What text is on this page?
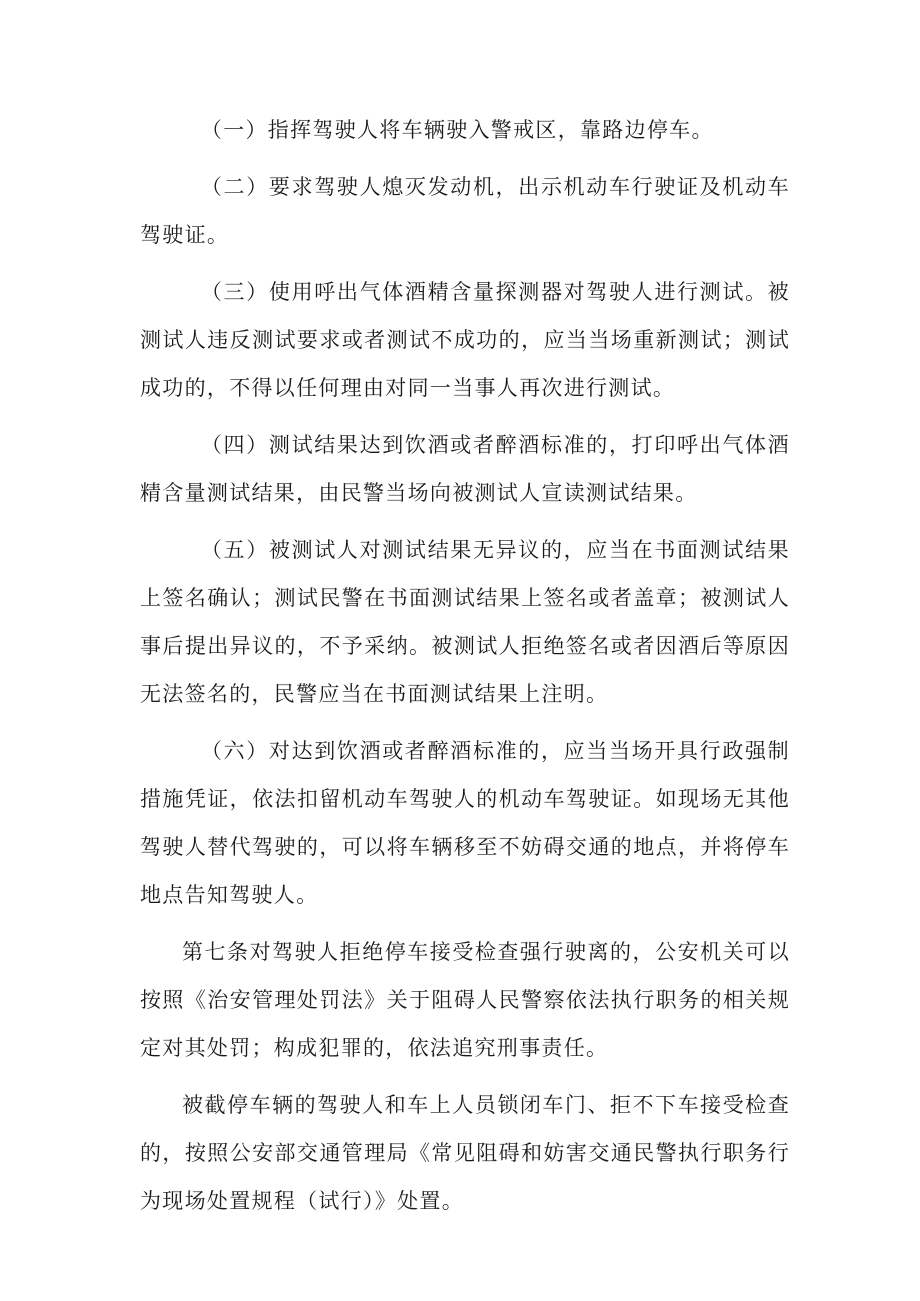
（一）指挥驾驶人将车辆驶入警戒区，靠路边停车。

（二）要求驾驶人熄灭发动机，出示机动车行驶证及机动车驾驶证。

（三）使用呼出气体酒精含量探测器对驾驶人进行测试。被测试人违反测试要求或者测试不成功的，应当当场重新测试；测试成功的，不得以任何理由对同一当事人再次进行测试。

（四）测试结果达到饮酒或者醉酒标准的，打印呼出气体酒精含量测试结果，由民警当场向被测试人宣读测试结果。

（五）被测试人对测试结果无异议的，应当在书面测试结果上签名确认；测试民警在书面测试结果上签名或者盖章；被测试人事后提出异议的，不予采纳。被测试人拒绝签名或者因酒后等原因无法签名的，民警应当在书面测试结果上注明。

（六）对达到饮酒或者醉酒标准的，应当当场开具行政强制措施凭证，依法扣留机动车驾驶人的机动车驾驶证。如现场无其他驾驶人替代驾驶的，可以将车辆移至不妨碍交通的地点，并将停车地点告知驾驶人。

第七条对驾驶人拒绝停车接受检查强行驶离的，公安机关可以按照《治安管理处罚法》关于阻碍人民警察依法执行职务的相关规定对其处罚；构成犯罪的，依法追究刑事责任。

被截停车辆的驾驶人和车上人员锁闭车门、拒不下车接受检查的，按照公安部交通管理局《常见阻碍和妨害交通民警执行职务行为现场处置规程（试行）》处置。
